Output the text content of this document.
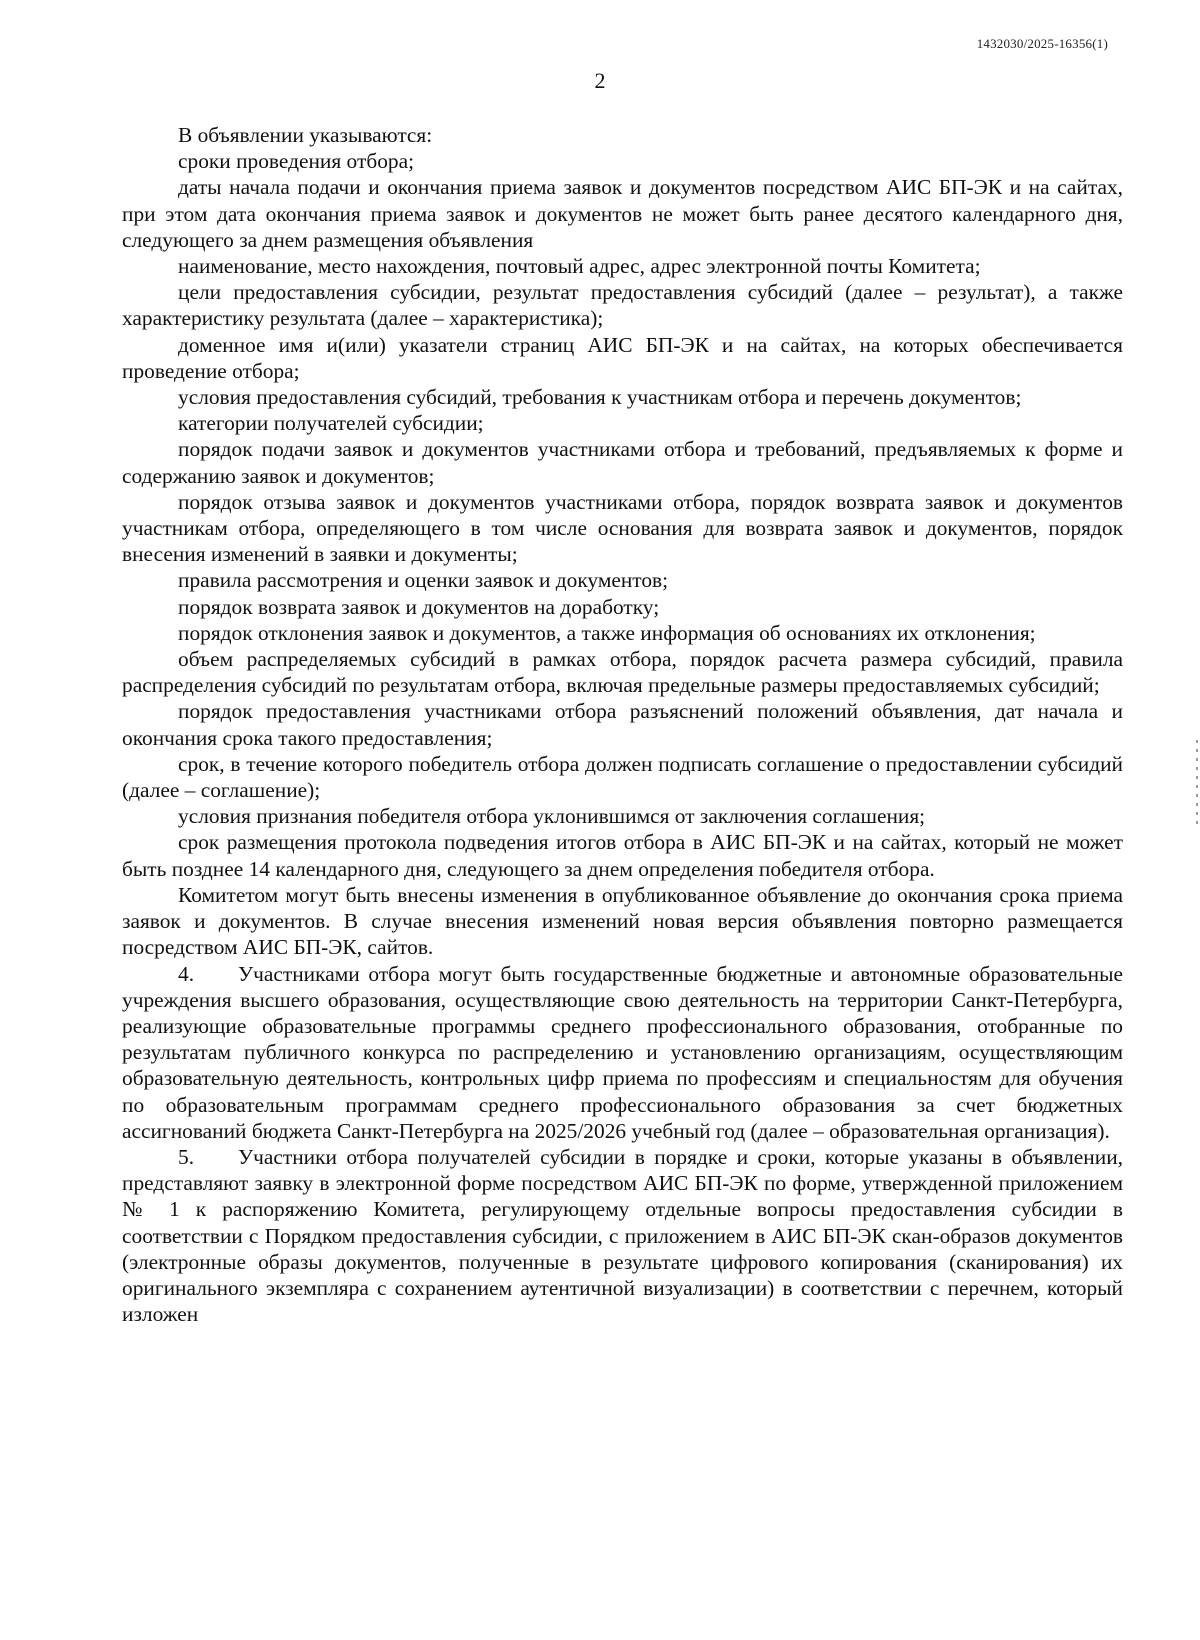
1432030/2025-16356(1)
2

В объявлении указываются:

сроки проведения отбора;

даты начала подачи и окончания приема заявок и документов посредством АИС БП-ЭК и на сайтах, при этом дата окончания приема заявок и документов не может быть ранее десятого календарного дня, следующего за днем размещения объявления

наименование, место нахождения, почтовый адрес, адрес электронной почты Комитета;

цели предоставления субсидии, результат предоставления субсидий (далее – результат), а также характеристику результата (далее – характеристика);

доменное имя и(или) указатели страниц АИС БП-ЭК и на сайтах, на которых обеспечивается проведение отбора;

условия предоставления субсидий, требования к участникам отбора и перечень документов;

категории получателей субсидии;

порядок подачи заявок и документов участниками отбора и требований, предъявляемых к форме и содержанию заявок и документов;

порядок отзыва заявок и документов участниками отбора, порядок возврата заявок и документов участникам отбора, определяющего в том числе основания для возврата заявок и документов, порядок внесения изменений в заявки и документы;

правила рассмотрения и оценки заявок и документов;

порядок возврата заявок и документов на доработку;

порядок отклонения заявок и документов, а также информация об основаниях их отклонения;

объем распределяемых субсидий в рамках отбора, порядок расчета размера субсидий, правила распределения субсидий по результатам отбора, включая предельные размеры предоставляемых субсидий;

порядок предоставления участниками отбора разъяснений положений объявления, дат начала и окончания срока такого предоставления;

срок, в течение которого победитель отбора должен подписать соглашение о предоставлении субсидий (далее – соглашение);

условия признания победителя отбора уклонившимся от заключения соглашения;

срок размещения протокола подведения итогов отбора в АИС БП-ЭК и на сайтах, который не может быть позднее 14 календарного дня, следующего за днем определения победителя отбора.

Комитетом могут быть внесены изменения в опубликованное объявление до окончания срока приема заявок и документов. В случае внесения изменений новая версия объявления повторно размещается посредством АИС БП-ЭК, сайтов.

4. Участниками отбора могут быть государственные бюджетные и автономные образовательные учреждения высшего образования, осуществляющие свою деятельность на территории Санкт-Петербурга, реализующие образовательные программы среднего профессионального образования, отобранные по результатам публичного конкурса по распределению и установлению организациям, осуществляющим образовательную деятельность, контрольных цифр приема по профессиям и специальностям для обучения по образовательным программам среднего профессионального образования за счет бюджетных ассигнований бюджета Санкт-Петербурга на 2025/2026 учебный год (далее – образовательная организация).

5. Участники отбора получателей субсидии в порядке и сроки, которые указаны в объявлении, представляют заявку в электронной форме посредством АИС БП-ЭК по форме, утвержденной приложением № 1 к распоряжению Комитета, регулирующему отдельные вопросы предоставления субсидии в соответствии с Порядком предоставления субсидии, с приложением в АИС БП-ЭК скан-образов документов (электронные образы документов, полученные в результате цифрового копирования (сканирования) их оригинального экземпляра с сохранением аутентичной визуализации) в соответствии с перечнем, который изложен
